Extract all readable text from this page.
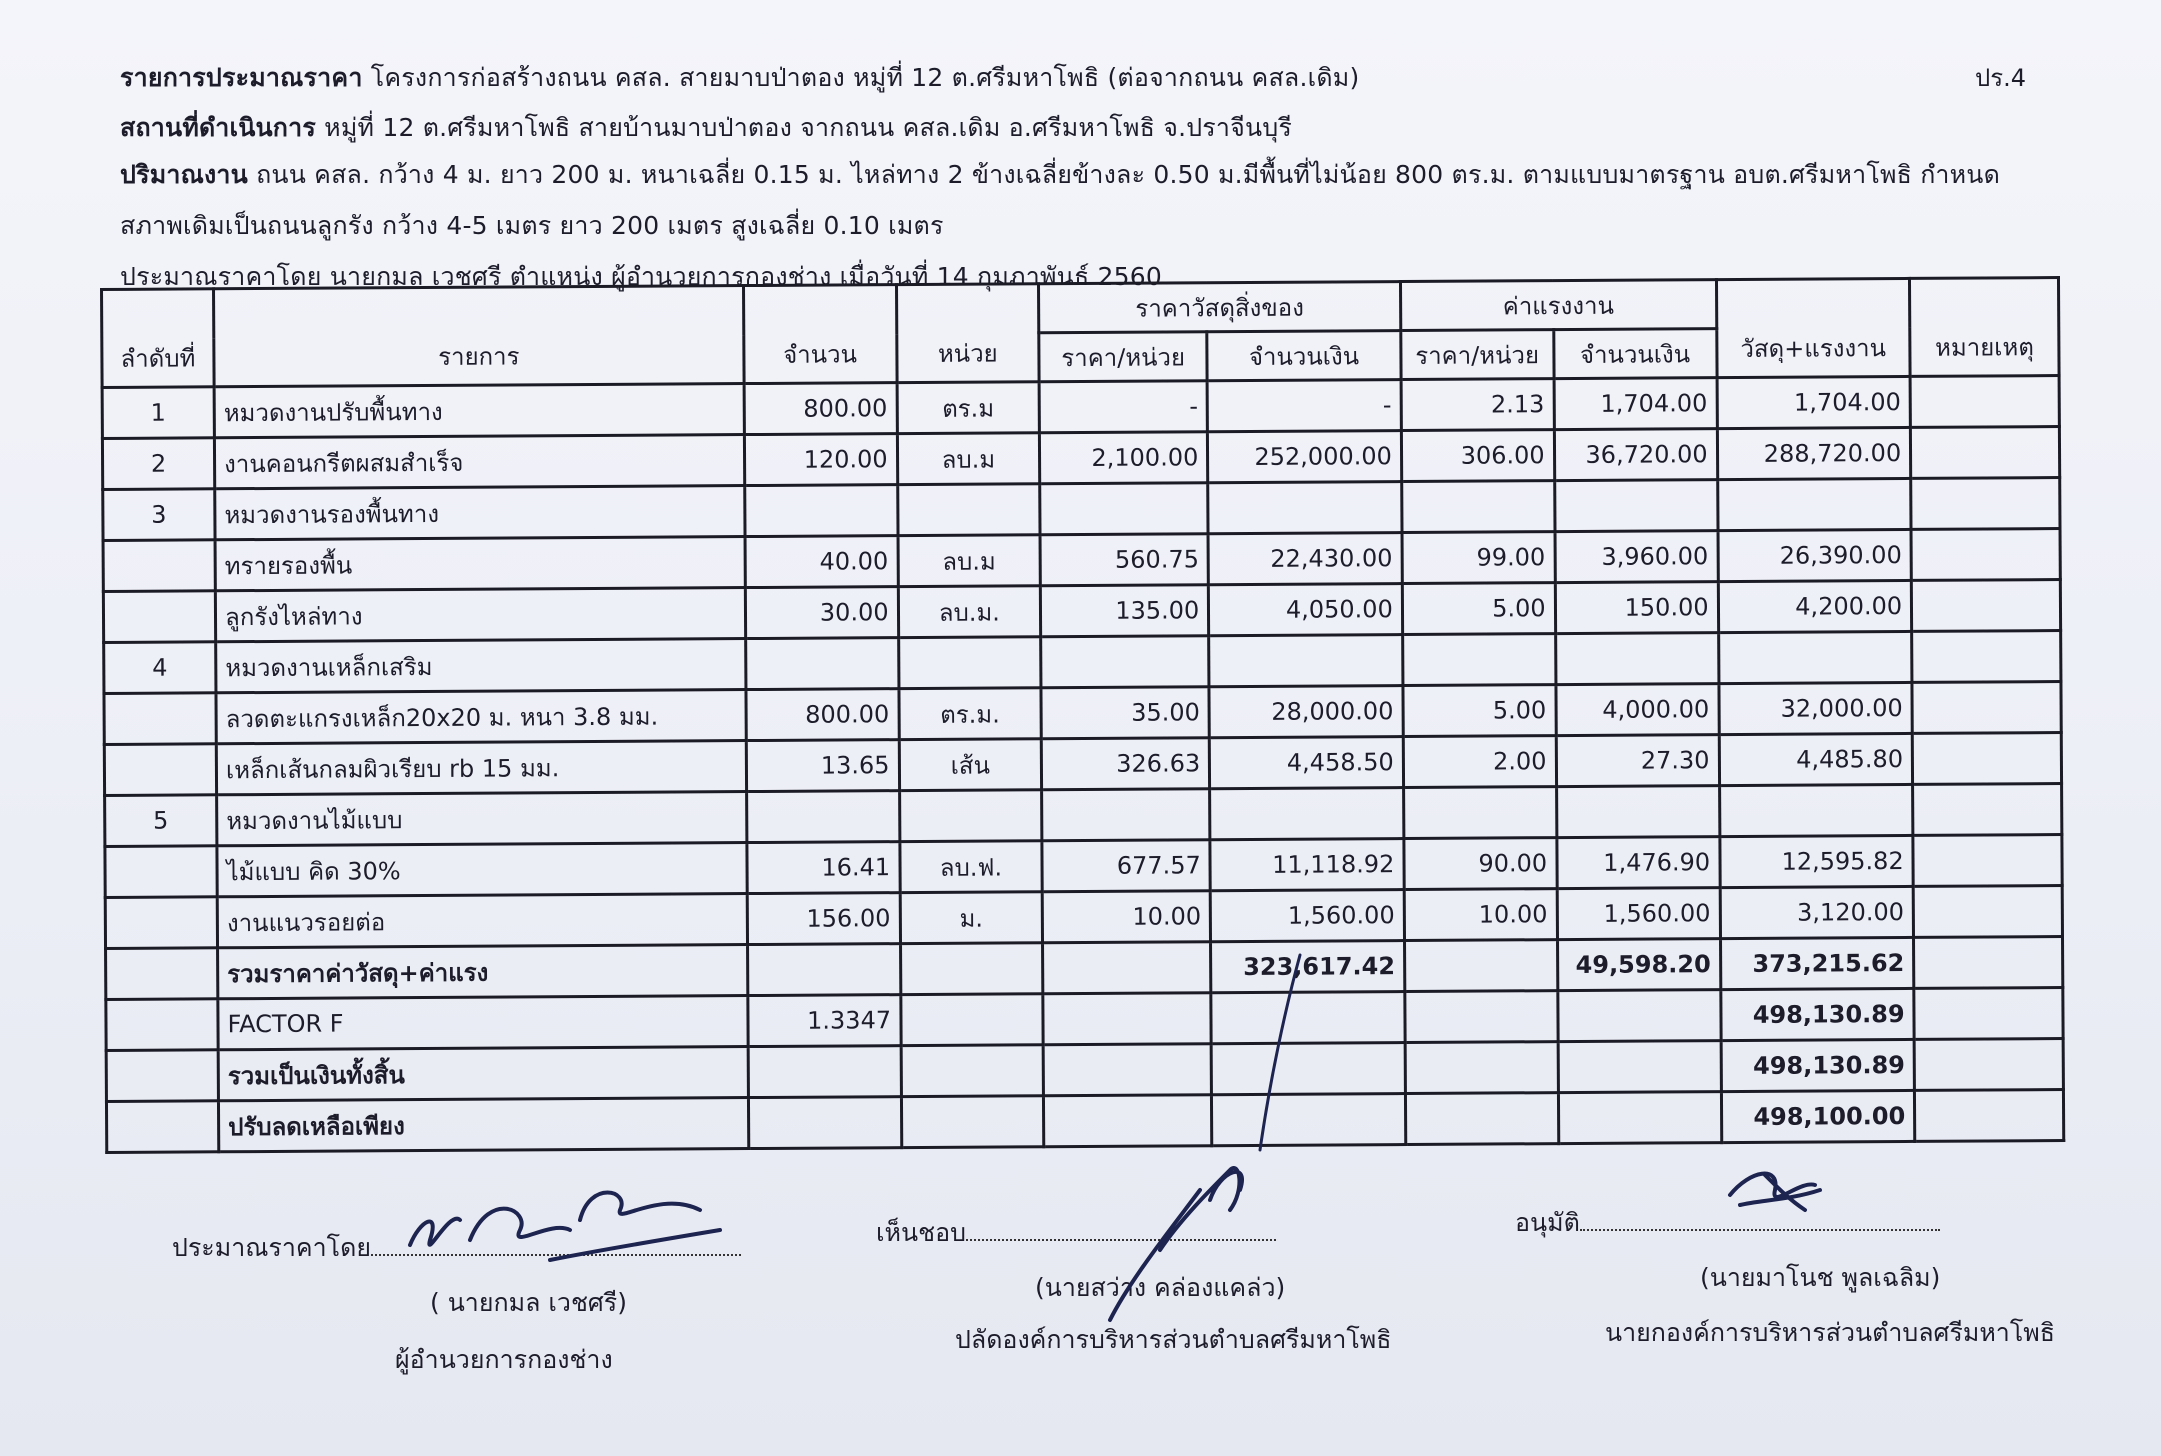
ปร.4
รายการประมาณราคา โครงการก่อสร้างถนน คสล. สายมาบป่าตอง หมู่ที่ 12 ต.ศรีมหาโพธิ (ต่อจากถนน คสล.เดิม)
สถานที่ดำเนินการ หมู่ที่ 12 ต.ศรีมหาโพธิ สายบ้านมาบป่าตอง จากถนน คสล.เดิม อ.ศรีมหาโพธิ จ.ปราจีนบุรี
ปริมาณงาน ถนน คสล. กว้าง 4 ม. ยาว 200 ม. หนาเฉลี่ย 0.15 ม. ไหล่ทาง 2 ข้างเฉลี่ยข้างละ 0.50 ม.มีพื้นที่ไม่น้อย 800 ตร.ม. ตามแบบมาตรฐาน อบต.ศรีมหาโพธิ กำหนด
สภาพเดิมเป็นถนนลูกรัง กว้าง 4-5 เมตร ยาว 200 เมตร สูงเฉลี่ย 0.10 เมตร
ประมาณราคาโดย นายกมล เวชศรี ตำแหน่ง ผู้อำนวยการกองช่าง เมื่อวันที่ 14 กุมภาพันธ์ 2560
ลำดับที่	รายการ	จำนวน	หน่วย	ราคาวัสดุสิ่งของ		ค่าแรงงาน		วัสดุ+แรงงาน	หมายเหตุ
				ราคา/หน่วย	จำนวนเงิน	ราคา/หน่วย	จำนวนเงิน		
1	หมวดงานปรับพื้นทาง	800.00	ตร.ม	-	-	2.13	1,704.00	1,704.00	
2	งานคอนกรีตผสมสำเร็จ	120.00	ลบ.ม	2,100.00	252,000.00	306.00	36,720.00	288,720.00	
3	หมวดงานรองพื้นทาง								
	ทรายรองพื้น	40.00	ลบ.ม	560.75	22,430.00	99.00	3,960.00	26,390.00	
	ลูกรังไหล่ทาง	30.00	ลบ.ม.	135.00	4,050.00	5.00	150.00	4,200.00	
4	หมวดงานเหล็กเสริม								
	ลวดตะแกรงเหล็ก20x20 ม. หนา 3.8 มม.	800.00	ตร.ม.	35.00	28,000.00	5.00	4,000.00	32,000.00	
	เหล็กเส้นกลมผิวเรียบ rb 15 มม.	13.65	เส้น	326.63	4,458.50	2.00	27.30	4,485.80	
5	หมวดงานไม้แบบ								
	ไม้แบบ คิด 30%	16.41	ลบ.ฟ.	677.57	11,118.92	90.00	1,476.90	12,595.82	
	งานแนวรอยต่อ	156.00	ม.	10.00	1,560.00	10.00	1,560.00	3,120.00	
	รวมราคาค่าวัสดุ+ค่าแรง				323,617.42		49,598.20	373,215.62	
	FACTOR F	1.3347						498,130.89	
	รวมเป็นเงินทั้งสิ้น							498,130.89	
	ปรับลดเหลือเพียง							498,100.00	
ประมาณราคาโดย
( นายกมล เวชศรี)
ผู้อำนวยการกองช่าง
เห็นชอบ
(นายสว่าง คล่องแคล่ว)
ปลัดองค์การบริหารส่วนตำบลศรีมหาโพธิ
อนุมัติ
(นายมาโนช พูลเฉลิม)
นายกองค์การบริหารส่วนตำบลศรีมหาโพธิ
